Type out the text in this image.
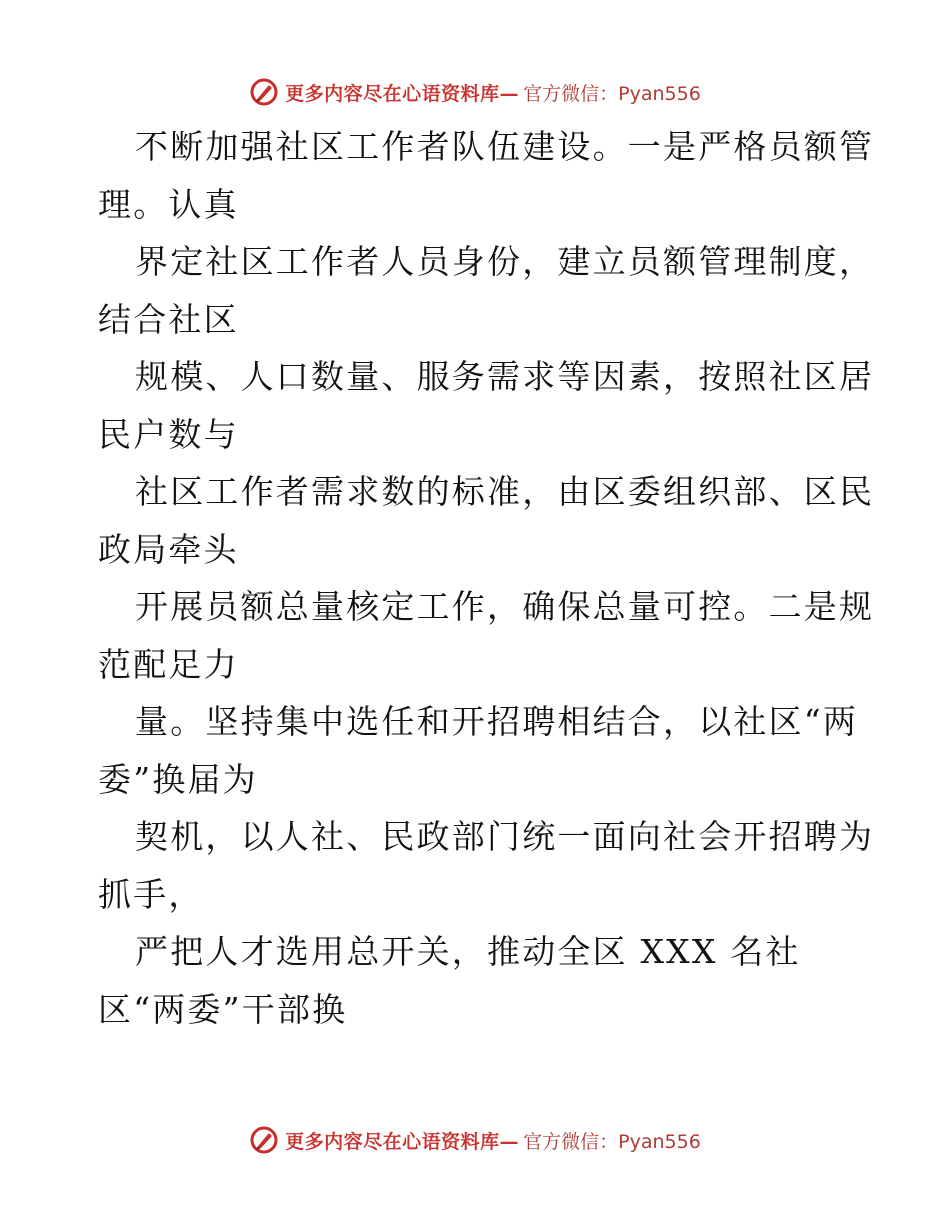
更多内容尽在心语资料库— 官方微信：Pyan556

不断加强社区工作者队伍建设。一是严格员额管
理。认真

界定社区工作者人员身份，建立员额管理制度，
结合社区

规模、人口数量、服务需求等因素，按照社区居
民户数与

社区工作者需求数的标准，由区委组织部、区民
政局牵头

开展员额总量核定工作，确保总量可控。二是规
范配足力

量。坚持集中选任和开招聘相结合，以社区“两
委”换届为

契机，以人社、民政部门统一面向社会开招聘为
抓手，

严把人才选用总开关，推动全区 XXX 名社
区“两委”干部换

更多内容尽在心语资料库— 官方微信：Pyan556
